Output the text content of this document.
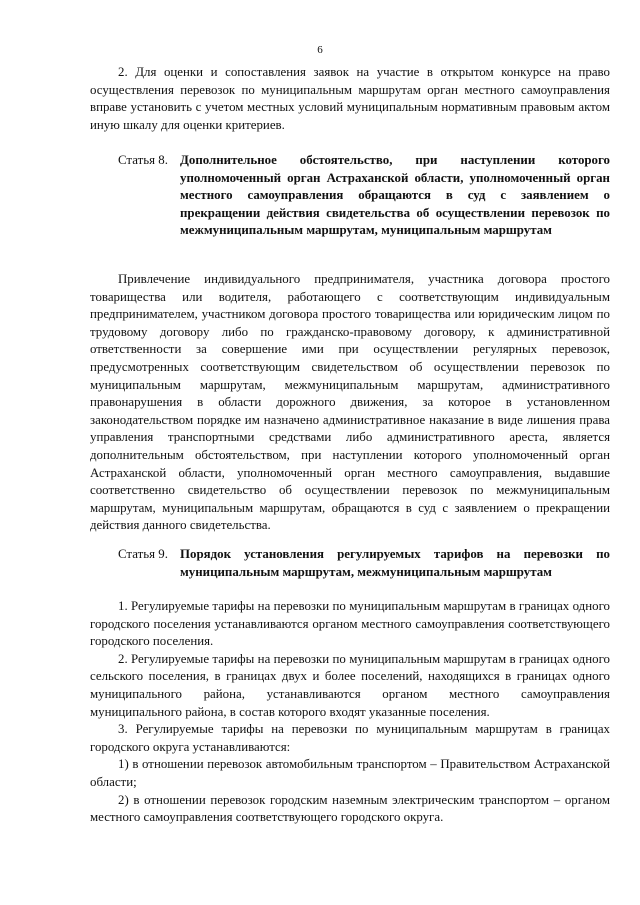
6

2. Для оценки и сопоставления заявок на участие в открытом конкурсе на право осуществления перевозок по муниципальным маршрутам орган местного самоуправления вправе установить с учетом местных условий муниципальным нормативным правовым актом иную шкалу для оценки критериев.

Статья 8. Дополнительное обстоятельство, при наступлении которого уполномоченный орган Астраханской области, уполномоченный орган местного самоуправления обращаются в суд с заявлением о прекращении действия свидетельства об осуществлении перевозок по межмуниципальным маршрутам, муниципальным маршрутам

Привлечение индивидуального предпринимателя, участника договора простого товарищества или водителя, работающего с соответствующим индивидуальным предпринимателем, участником договора простого товарищества или юридическим лицом по трудовому договору либо по гражданско-правовому договору, к административной ответственности за совершение ими при осуществлении регулярных перевозок, предусмотренных соответствующим свидетельством об осуществлении перевозок по муниципальным маршрутам, межмуниципальным маршрутам, административного правонарушения в области дорожного движения, за которое в установленном законодательством порядке им назначено административное наказание в виде лишения права управления транспортными средствами либо административного ареста, является дополнительным обстоятельством, при наступлении которого уполномоченный орган Астраханской области, уполномоченный орган местного самоуправления, выдавшие соответственно свидетельство об осуществлении перевозок по межмуниципальным маршрутам, муниципальным маршрутам, обращаются в суд с заявлением о прекращении действия данного свидетельства.

Статья 9. Порядок установления регулируемых тарифов на перевозки по муниципальным маршрутам, межмуниципальным маршрутам

1. Регулируемые тарифы на перевозки по муниципальным маршрутам в границах одного городского поселения устанавливаются органом местного самоуправления соответствующего городского поселения.

2. Регулируемые тарифы на перевозки по муниципальным маршрутам в границах одного сельского поселения, в границах двух и более поселений, находящихся в границах одного муниципального района, устанавливаются органом местного самоуправления муниципального района, в состав которого входят указанные поселения.

3. Регулируемые тарифы на перевозки по муниципальным маршрутам в границах городского округа устанавливаются:

1) в отношении перевозок автомобильным транспортом – Правительством Астраханской области;

2) в отношении перевозок городским наземным электрическим транспортом – органом местного самоуправления соответствующего городского округа.
